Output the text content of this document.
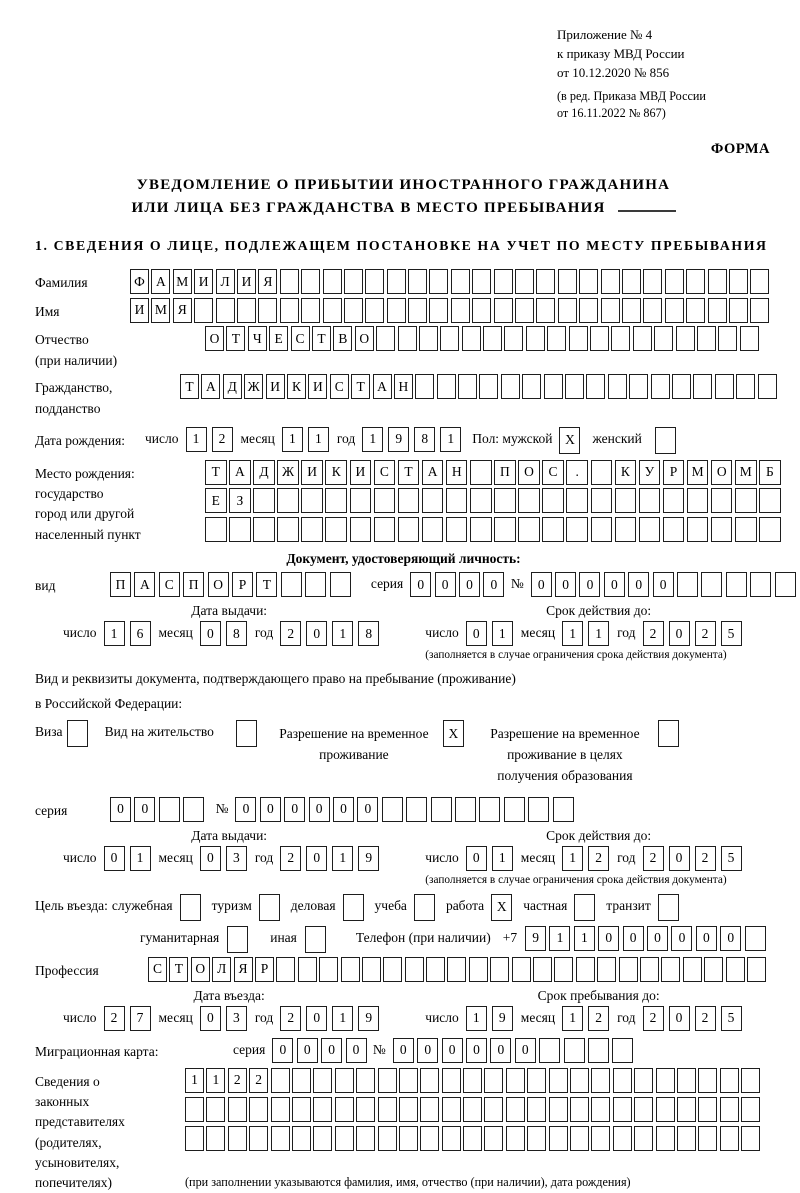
Приложение № 4
к приказу МВД России
от 10.12.2020 № 856
(в ред. Приказа МВД России
от 16.11.2022 № 867)
ФОРМА
УВЕДОМЛЕНИЕ О ПРИБЫТИИ ИНОСТРАННОГО ГРАЖДАНИНА
ИЛИ ЛИЦА БЕЗ ГРАЖДАНСТВА В МЕСТО ПРЕБЫВАНИЯ
1. СВЕДЕНИЯ О ЛИЦЕ, ПОДЛЕЖАЩЕМ ПОСТАНОВКЕ НА УЧЕТ ПО МЕСТУ ПРЕБЫВАНИЯ
Фамилия	Ф А М И Л И Я
Имя	И М Я
Отчество
(при наличии)
О Т Ч Е С Т В О
Гражданство,
подданство
Т А Д Ж И К И С Т А Н
Дата рождения:	число	1	2	месяц	1	1	год	1	9	8	1	Пол: мужской X	женский
Место рождения:
государство
город или другой
населенный пункт
Т	А	Д Ж И	К	И	С	Т	А	Н	П	О	С	.	К	У	Р	М О М	Б
Е	З
Документ, удостоверяющий личность:
вид	П	А	С	П	О	Р	Т	серия	0	0	0	0	№	0	0	0	0	0	0
Дата выдачи:
число	1	6	месяц	0	8	год	2	0	1	8
Срок действия до:
число	0	1	месяц	1	1	год	2	0	2	5
(заполняется в случае ограничения срока действия документа)
Вид и реквизиты документа, подтверждающего право на пребывание (проживание)
в Российской Федерации:
Виза	Вид на жительство	Разрешение на временное проживание
X	Разрешение на временное проживание в целях получения образования
серия	0	0	№	0	0	0	0	0	0
Дата выдачи:
число	0	1	месяц	0	3	год	2	0	1	9
Срок действия до:
число	0	1	месяц	1	2	год	2	0	2	5
(заполняется в случае ограничения срока действия документа)
Цель въезда: служебная	туризм	деловая	учеба	работа X	частная	транзит
гуманитарная	иная	Телефон (при наличии) +7	9	1	1	0	0	0	0	0	0
Профессия	С Т О Л Я Р
Дата въезда:
число	2	7	месяц	0	3	год	2	0	1	9
Срок пребывания до:
число	1	9	месяц	1	2	год	2	0	2	5
Миграционная карта:	серия	0	0	0	0	№	0	0	0	0	0	0
Сведения о
законных
представителях
(родителях,
усыновителях,
попечителях)
1	1	2	2
(при заполнении указываются фамилия, имя, отчество (при наличии), дата рождения)
